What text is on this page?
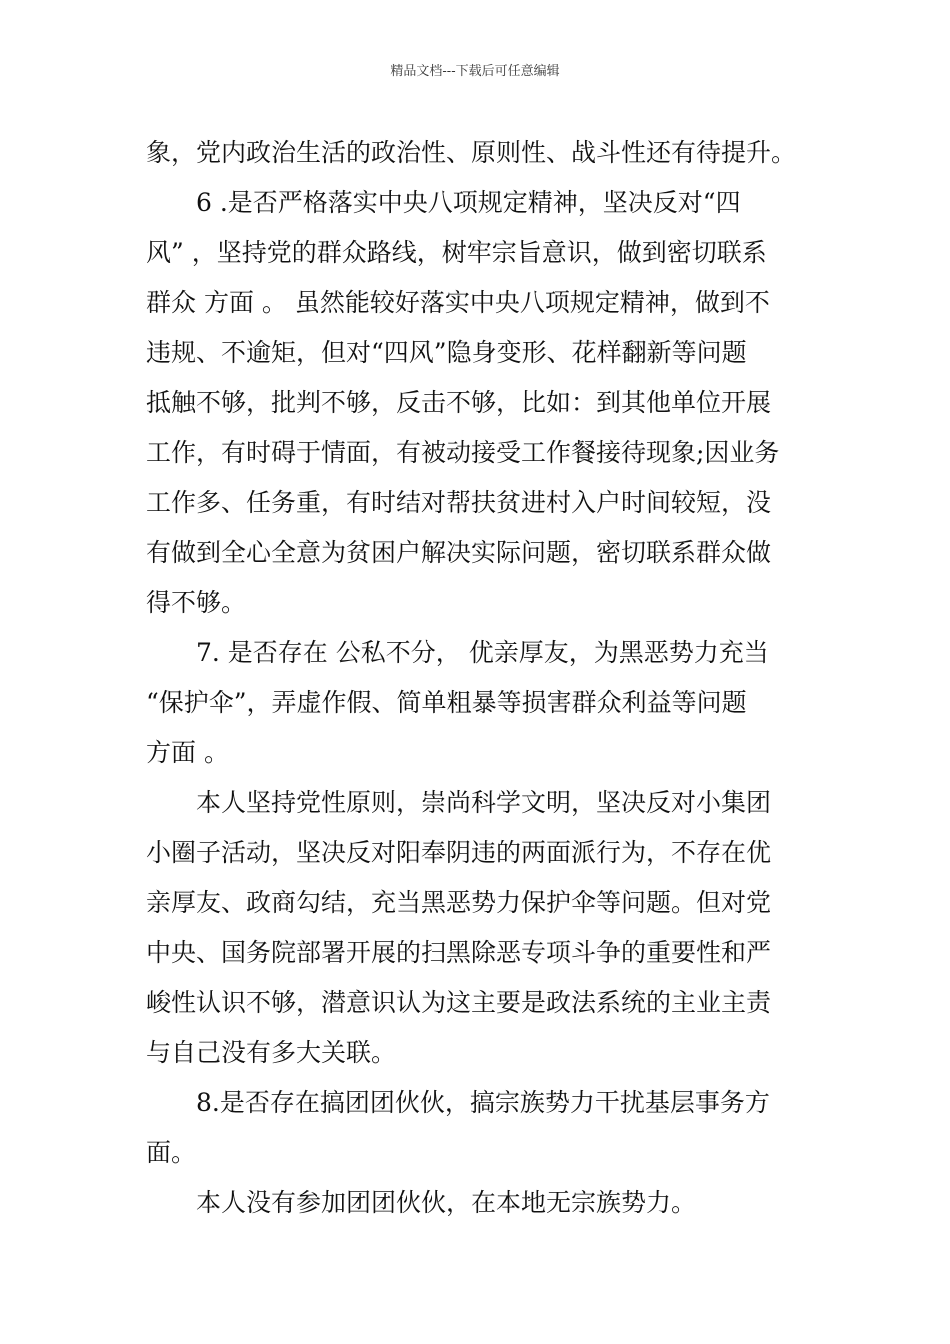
精品文档---下载后可任意编辑
象，党内政治生活的政治性、原则性、战斗性还有待提升。
　　6 .是否严格落实中央八项规定精神，坚决反对“四
风” ，坚持党的群众路线，树牢宗旨意识，做到密切联系
群众 方面 。 虽然能较好落实中央八项规定精神，做到不
违规、不逾矩，但对“四风”隐身变形、花样翻新等问题
抵触不够，批判不够，反击不够，比如：到其他单位开展
工作，有时碍于情面，有被动接受工作餐接待现象;因业务
工作多、任务重，有时结对帮扶贫进村入户时间较短，没
有做到全心全意为贫困户解决实际问题，密切联系群众做
得不够。
　　7. 是否存在 公私不分， 优亲厚友，为黑恶势力充当
“保护伞”，弄虚作假、简单粗暴等损害群众利益等问题
方面 。
　　本人坚持党性原则，崇尚科学文明，坚决反对小集团
小圈子活动，坚决反对阳奉阴违的两面派行为，不存在优
亲厚友、政商勾结，充当黑恶势力保护伞等问题。但对党
中央、国务院部署开展的扫黑除恶专项斗争的重要性和严
峻性认识不够，潜意识认为这主要是政法系统的主业主责
与自己没有多大关联。
　　8.是否存在搞团团伙伙，搞宗族势力干扰基层事务方
面。
　　本人没有参加团团伙伙，在本地无宗族势力。
